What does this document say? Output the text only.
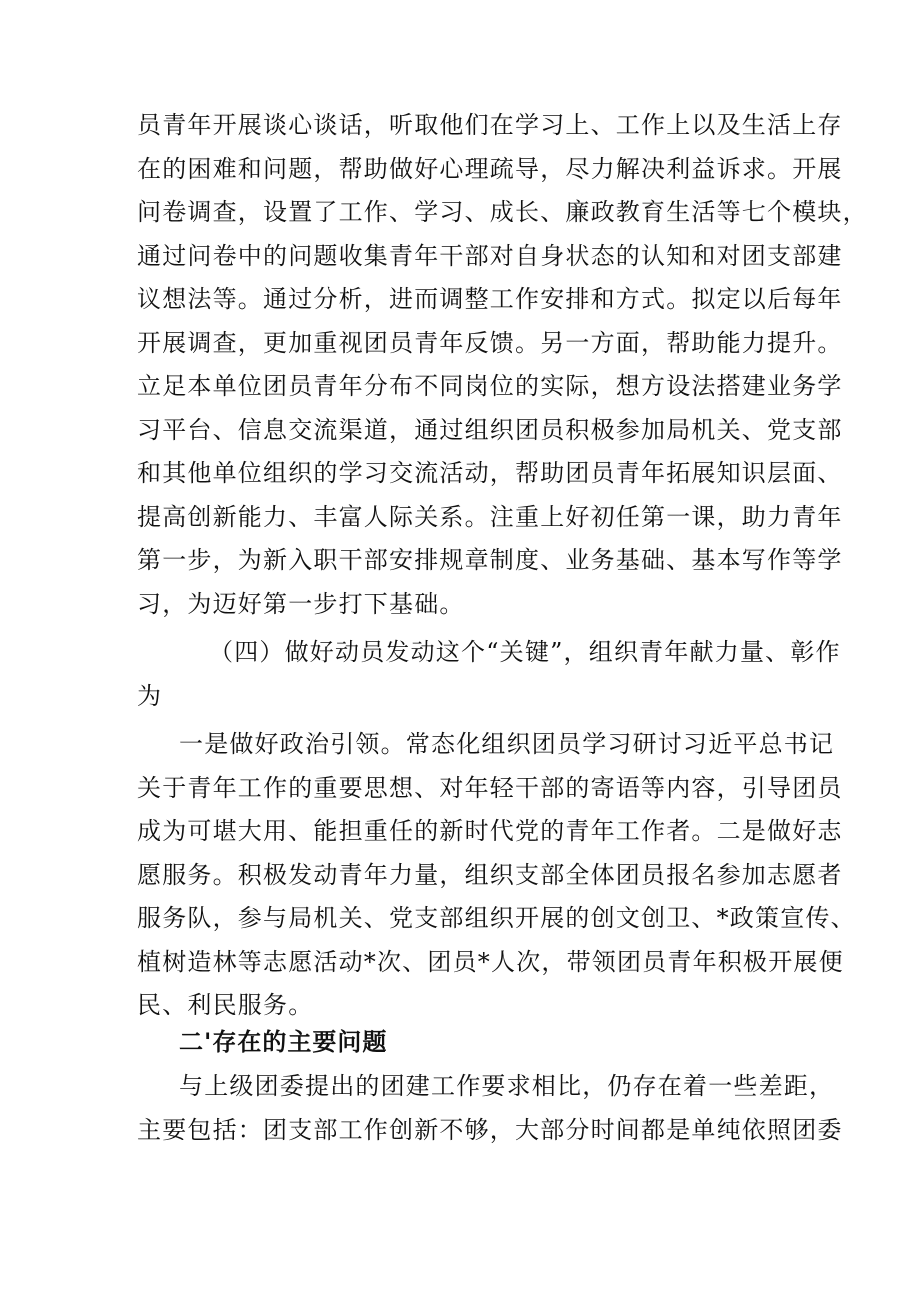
员青年开展谈心谈话，听取他们在学习上、工作上以及生活上存
在的困难和问题，帮助做好心理疏导，尽力解决利益诉求。开展
问卷调查，设置了工作、学习、成长、廉政教育生活等七个模块，
通过问卷中的问题收集青年干部对自身状态的认知和对团支部建
议想法等。通过分析，进而调整工作安排和方式。拟定以后每年
开展调查，更加重视团员青年反馈。另一方面，帮助能力提升。
立足本单位团员青年分布不同岗位的实际，想方设法搭建业务学
习平台、信息交流渠道，通过组织团员积极参加局机关、党支部
和其他单位组织的学习交流活动，帮助团员青年拓展知识层面、
提高创新能力、丰富人际关系。注重上好初任第一课，助力青年
第一步，为新入职干部安排规章制度、业务基础、基本写作等学
习，为迈好第一步打下基础。
（四）做好动员发动这个“关键”，组织青年献力量、彰作
为
一是做好政治引领。常态化组织团员学习研讨习近平总书记
关于青年工作的重要思想、对年轻干部的寄语等内容，引导团员
成为可堪大用、能担重任的新时代党的青年工作者。二是做好志
愿服务。积极发动青年力量，组织支部全体团员报名参加志愿者
服务队，参与局机关、党支部组织开展的创文创卫、*政策宣传、
植树造林等志愿活动*次、团员*人次，带领团员青年积极开展便
民、利民服务。
二'存在的主要问题
与上级团委提出的团建工作要求相比，仍存在着一些差距，
主要包括：团支部工作创新不够，大部分时间都是单纯依照团委
